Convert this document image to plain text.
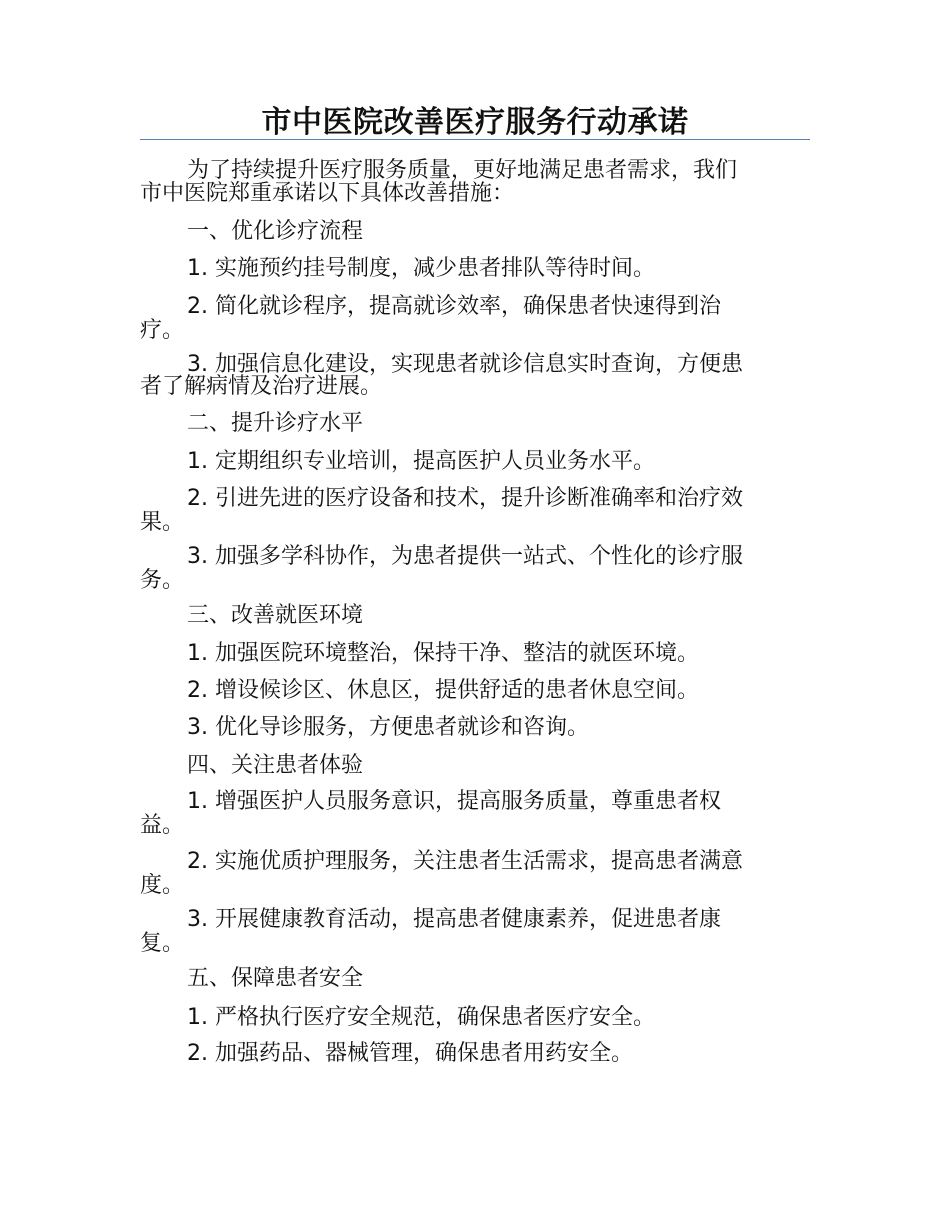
市中医院改善医疗服务行动承诺

为了持续提升医疗服务质量，更好地满足患者需求，我们
市中医院郑重承诺以下具体改善措施：

一、优化诊疗流程

1. 实施预约挂号制度，减少患者排队等待时间。

2. 简化就诊程序，提高就诊效率，确保患者快速得到治
疗。

3. 加强信息化建设，实现患者就诊信息实时查询，方便患
者了解病情及治疗进展。

二、提升诊疗水平

1. 定期组织专业培训，提高医护人员业务水平。

2. 引进先进的医疗设备和技术，提升诊断准确率和治疗效
果。

3. 加强多学科协作，为患者提供一站式、个性化的诊疗服
务。

三、改善就医环境

1. 加强医院环境整治，保持干净、整洁的就医环境。

2. 增设候诊区、休息区，提供舒适的患者休息空间。

3. 优化导诊服务，方便患者就诊和咨询。

四、关注患者体验

1. 增强医护人员服务意识，提高服务质量，尊重患者权
益。

2. 实施优质护理服务，关注患者生活需求，提高患者满意
度。

3. 开展健康教育活动，提高患者健康素养，促进患者康
复。

五、保障患者安全

1. 严格执行医疗安全规范，确保患者医疗安全。

2. 加强药品、器械管理，确保患者用药安全。
